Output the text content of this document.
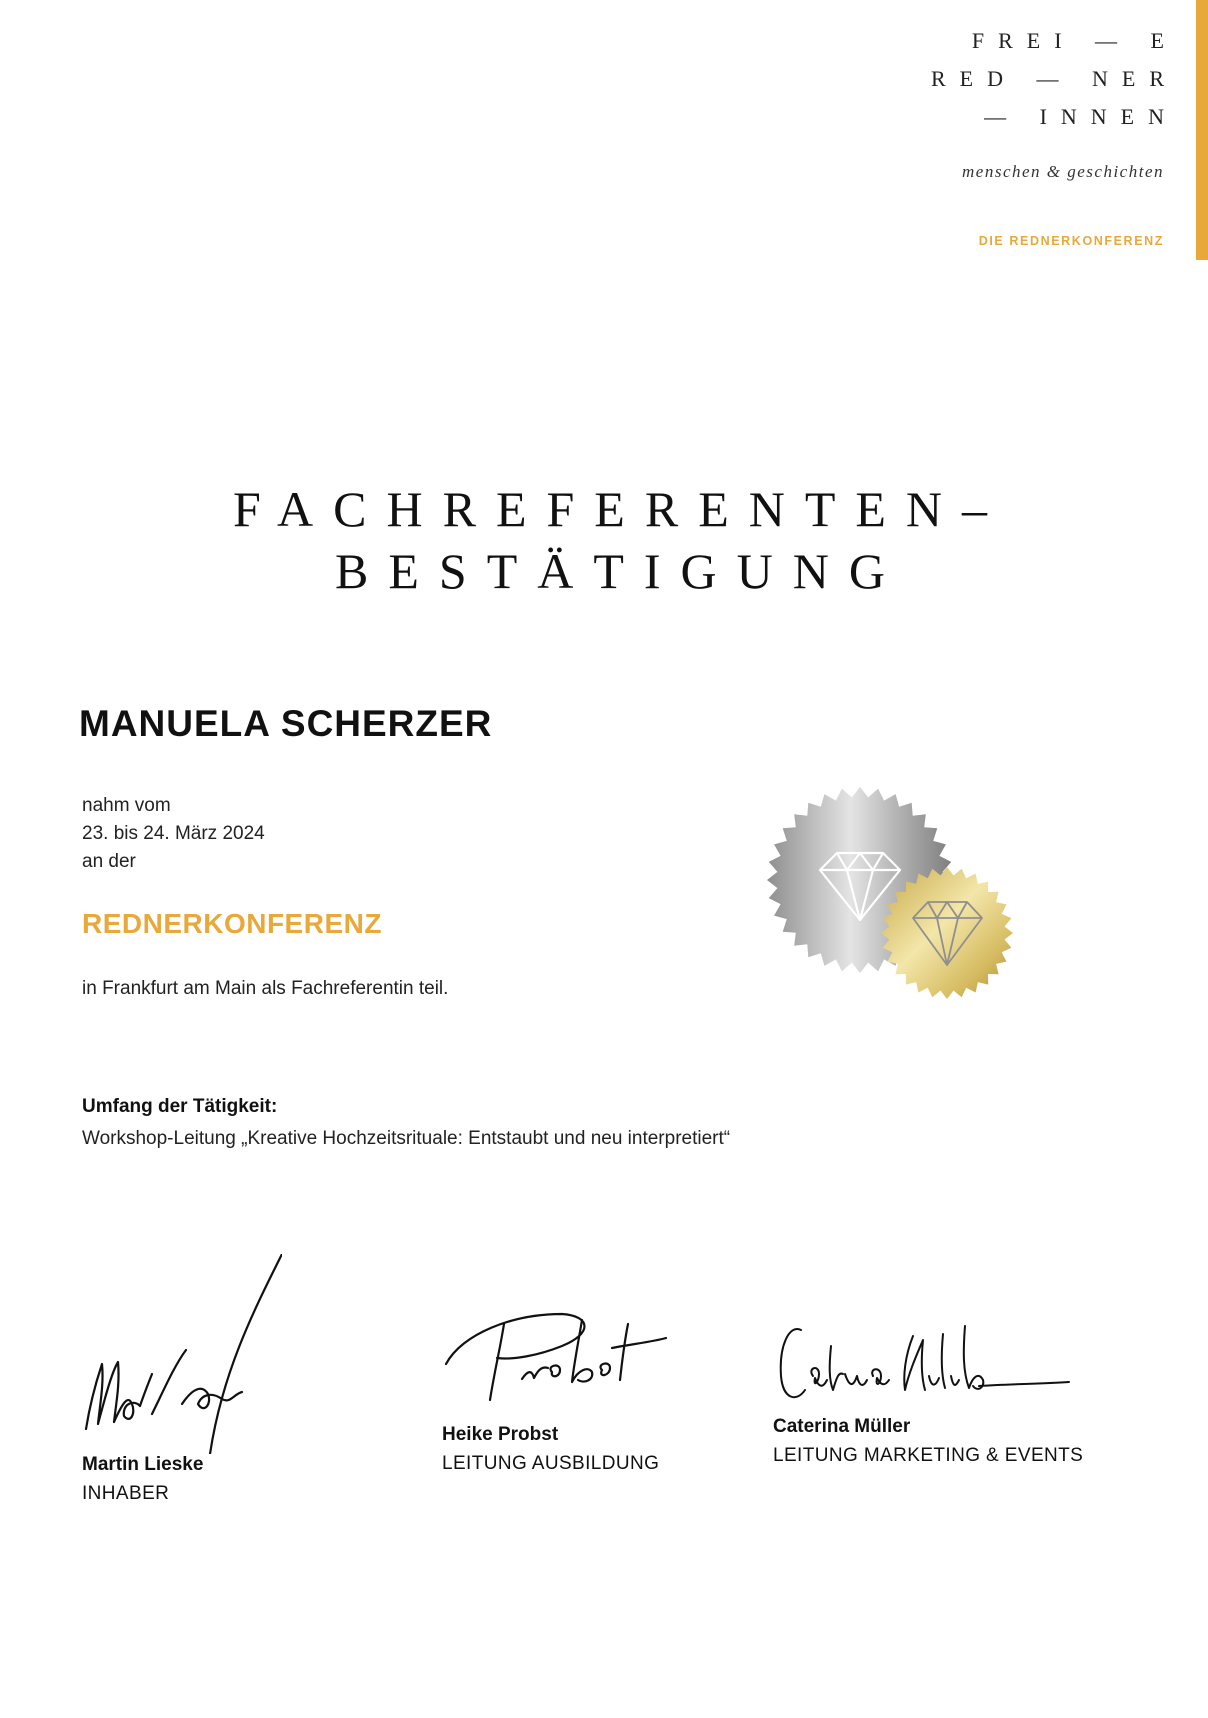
FREI — E
RED — NER
— INNEN
menschen & geschichten
DIE REDNERKONFERENZ
FACHREFERENTEN–
BESTÄTIGUNG
MANUELA SCHERZER
nahm vom
23. bis 24. März 2024
an der
REDNERKONFERENZ
in Frankfurt am Main als Fachreferentin teil.
Umfang der Tätigkeit:
Workshop-Leitung „Kreative Hochzeitsrituale: Entstaubt und neu interpretiert“
Martin Lieske
INHABER
Heike Probst
LEITUNG AUSBILDUNG
Caterina Müller
LEITUNG MARKETING & EVENTS
